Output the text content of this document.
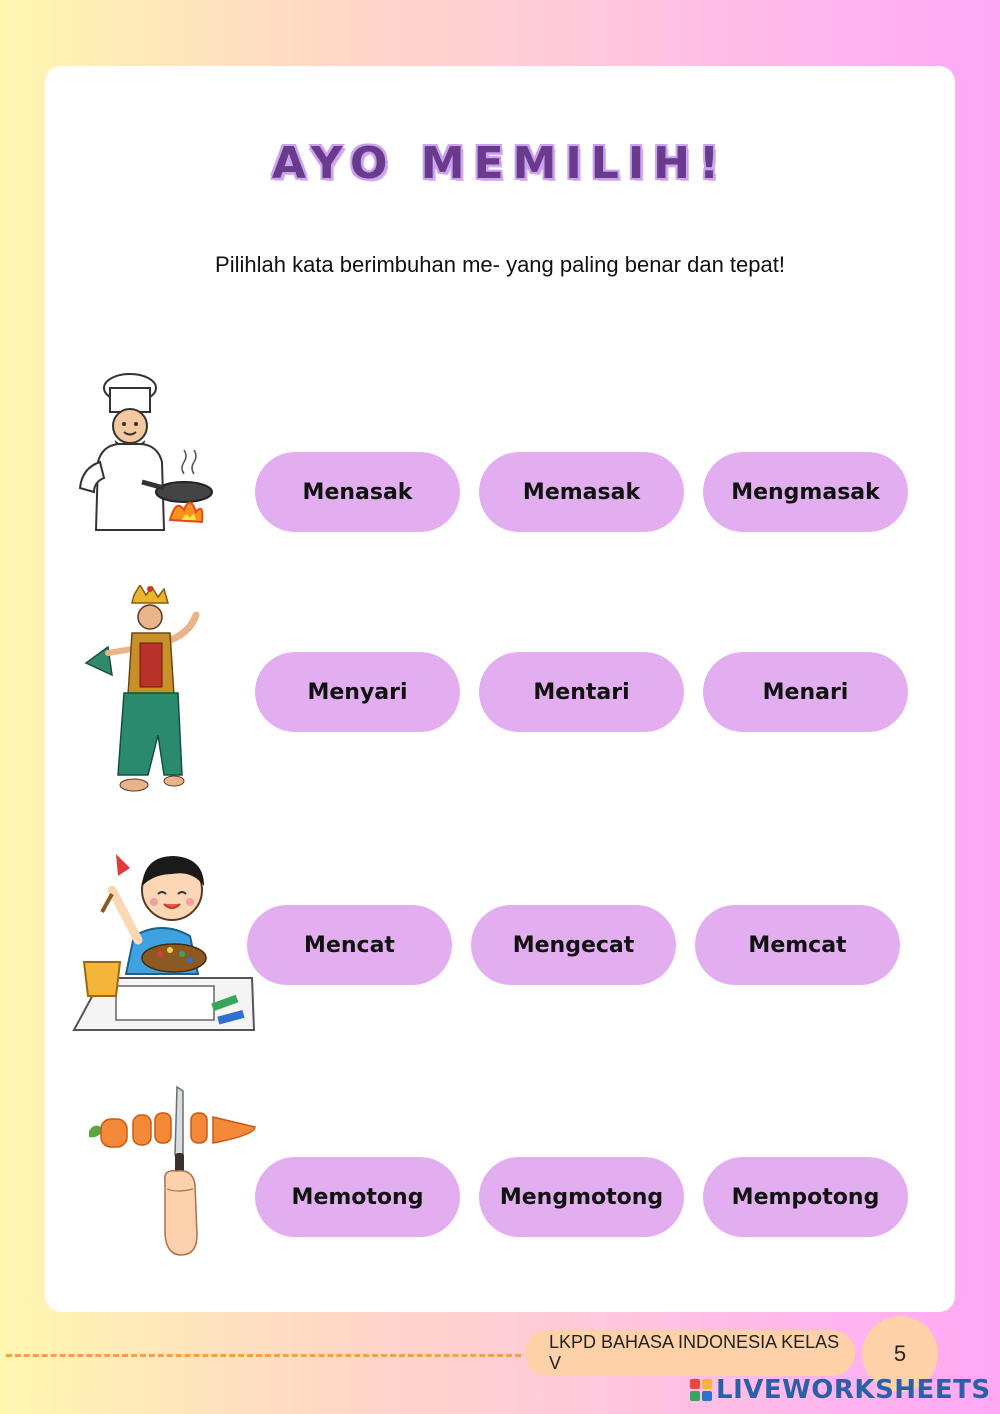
AYO MEMILIH!
Pilihlah kata berimbuhan me- yang paling benar dan tepat!
Menasak	Memasak	Mengmasak
Menyari	Mentari	Menari
Mencat	Mengecat	Memcat
Memotong	Mengmotong	Mempotong
LKPD BAHASA INDONESIA KELAS V	5
LIVEWORKSHEETS
